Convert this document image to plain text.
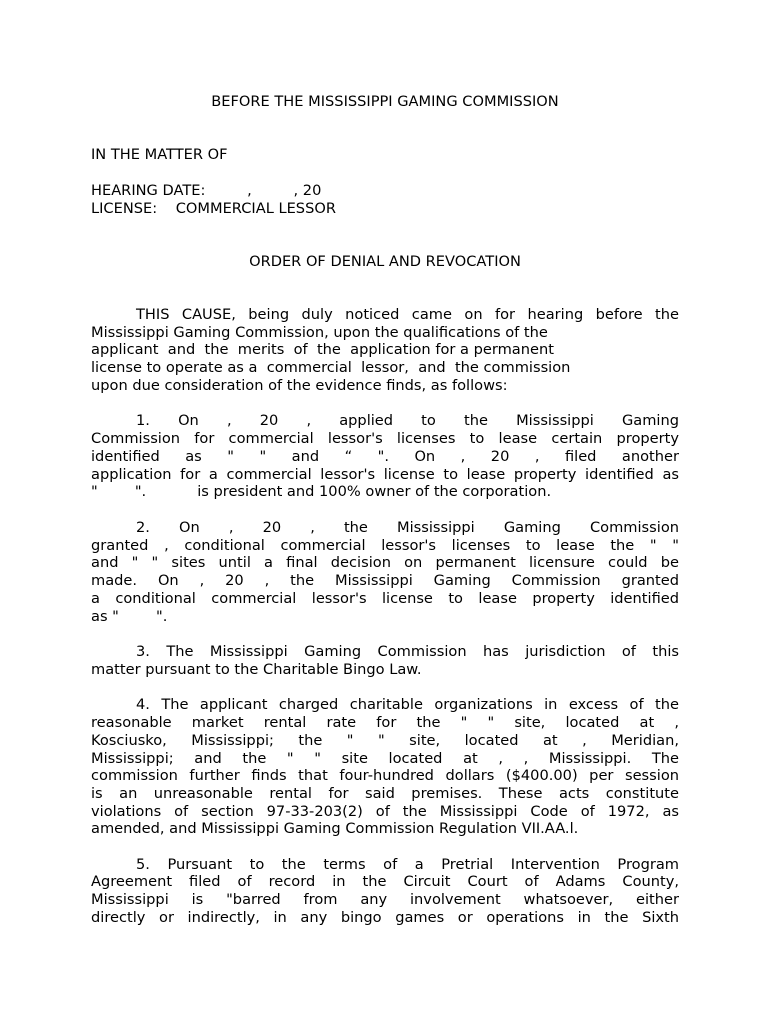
BEFORE THE MISSISSIPPI GAMING COMMISSION
IN THE MATTER OF
HEARING DATE:         ,         , 20
LICENSE:    COMMERCIAL LESSOR
ORDER OF DENIAL AND REVOCATION
THIS CAUSE, being duly noticed came on for hearing before the
Mississippi Gaming Commission, upon the qualifications of the
applicant  and  the  merits  of  the  application for a permanent
license to operate as a  commercial  lessor,  and  the commission
upon due consideration of the evidence finds, as follows:
1. On , 20 , applied to the Mississippi Gaming
Commission for commercial lessor's licenses to lease certain property
identified as " " and “ ". On , 20 , filed another
application for a commercial lessor's license to lease property identified as
"        ".           is president and 100% owner of the corporation.
2. On , 20 , the Mississippi Gaming Commission
granted , conditional commercial lessor's licenses to lease the " "
and " " sites until a final decision on permanent licensure could be
made. On , 20 , the Mississippi Gaming Commission granted
a conditional commercial lessor's license to lease property identified
as "        ".
3. The Mississippi Gaming Commission has jurisdiction of this
matter pursuant to the Charitable Bingo Law.
4. The applicant charged charitable organizations in excess of the
reasonable market rental rate for the " " site, located at ,
Kosciusko, Mississippi; the " " site, located at , Meridian,
Mississippi; and the " " site located at , , Mississippi. The
commission further finds that four-hundred dollars ($400.00) per session
is an unreasonable rental for said premises. These acts constitute
violations of section 97-33-203(2) of the Mississippi Code of 1972, as
amended, and Mississippi Gaming Commission Regulation VII.AA.l.
5. Pursuant to the terms of a Pretrial Intervention Program
Agreement filed of record in the Circuit Court of Adams County,
Mississippi is "barred from any involvement whatsoever, either
directly or indirectly, in any bingo games or operations in the Sixth
